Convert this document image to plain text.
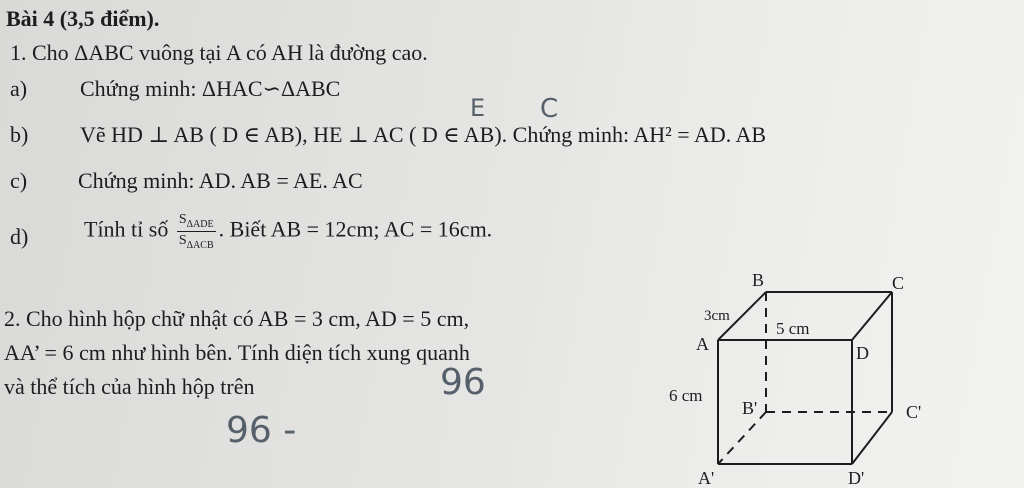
Bài 4 (3,5 điểm).
1. Cho ΔABC vuông tại A có AH là đường cao.
a) Chứng minh: ΔHAC∽ΔABC
b) Vẽ HD ⊥ AB ( D ∈ AB), HE ⊥ AC ( D ∈ AB). Chứng minh: AH² = AD. AB
E C
c) Chứng minh: AD. AB = AE. AC
d)	Tính tỉ số $\frac{S_{\Delta ADE}}{S_{\Delta ACB}}$ . Biết AB = 12cm; AC = 16cm.
2. Cho hình hộp chữ nhật có AB = 3 cm, AD = 5 cm,
AA’ = 6 cm như hình bên. Tính diện tích xung quanh
và thể tích của hình hộp trên	96
96 -
B	C
A	D
B'	C'
A'	D'
3cm
5 cm
6 cm
